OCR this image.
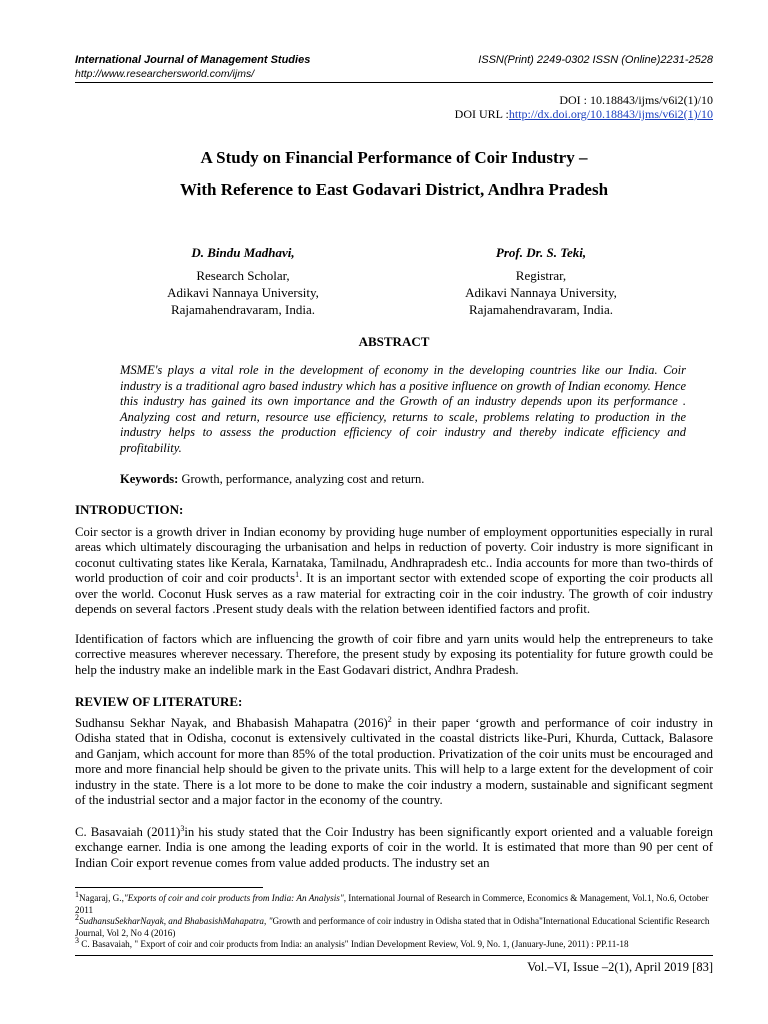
International Journal of Management Studies	ISSN(Print) 2249-0302 ISSN (Online)2231-2528
http://www.researchersworld.com/ijms/
DOI : 10.18843/ijms/v6i2(1)/10
DOI URL :http://dx.doi.org/10.18843/ijms/v6i2(1)/10
A Study on Financial Performance of Coir Industry –
With Reference to East Godavari District, Andhra Pradesh
D. Bindu Madhavi,
Research Scholar,
Adikavi Nannaya University,
Rajamahendravaram, India.
Prof. Dr. S. Teki,
Registrar,
Adikavi Nannaya University,
Rajamahendravaram, India.
ABSTRACT
MSME's plays a vital role in the development of economy in the developing countries like our India. Coir industry is a traditional agro based industry which has a positive influence on growth of Indian economy. Hence this industry has gained its own importance and the Growth of an industry depends upon its performance . Analyzing cost and return, resource use efficiency, returns to scale, problems relating to production in the industry helps to assess the production efficiency of coir industry and thereby indicate efficiency and profitability.
Keywords: Growth, performance, analyzing cost and return.
INTRODUCTION:
Coir sector is a growth driver in Indian economy by providing huge number of employment opportunities especially in rural areas which ultimately discouraging the urbanisation and helps in reduction of poverty. Coir industry is more significant in coconut cultivating states like Kerala, Karnataka, Tamilnadu, Andhrapradesh etc.. India accounts for more than two-thirds of world production of coir and coir products$^1$. It is an important sector with extended scope of exporting the coir products all over the world. Coconut Husk serves as a raw material for extracting coir in the coir industry. The growth of coir industry depends on several factors .Present study deals with the relation between identified factors and profit.
Identification of factors which are influencing the growth of coir fibre and yarn units would help the entrepreneurs to take corrective measures wherever necessary. Therefore, the present study by exposing its potentiality for future growth could be help the industry make an indelible mark in the East Godavari district, Andhra Pradesh.
REVIEW OF LITERATURE:
Sudhansu Sekhar Nayak, and Bhabasish Mahapatra $(2016)^2$ in their paper ‘growth and performance of coir industry in Odisha stated that in Odisha, coconut is extensively cultivated in the coastal districts like-Puri, Khurda, Cuttack, Balasore and Ganjam, which account for more than 85% of the total production. Privatization of the coir units must be encouraged and more and more financial help should be given to the private units. This will help to a large extent for the development of coir industry in the state. There is a lot more to be done to make the coir industry a modern, sustainable and significant segment of the industrial sector and a major factor in the economy of the country.
C. Basavaiah $(2011)^3in$ his study stated that the Coir Industry has been significantly export oriented and a valuable foreign exchange earner. India is one among the leading exports of coir in the world. It is estimated that more than 90 per cent of Indian Coir export revenue comes from value added products. The industry set an
$^1$Nagaraj, G.,"Exports of coir and coir products from India: An Analysis", International Journal of Research in Commerce, Economics & Management, Vol.1, No.6, October 2011
$^2$SudhansuSekharNayak, and BhabasishMahapatra, "Growth and performance of coir industry in Odisha stated that in Odisha"International Educational Scientific Research Journal, Vol 2, No 4 (2016)
$^3$ C. Basavaiah, " Export of coir and coir products from India: an analysis" Indian Development Review, Vol. 9, No. 1, (January-June, 2011) : PP.11-18
Vol.–VI, Issue –2(1), April 2019 [83]
